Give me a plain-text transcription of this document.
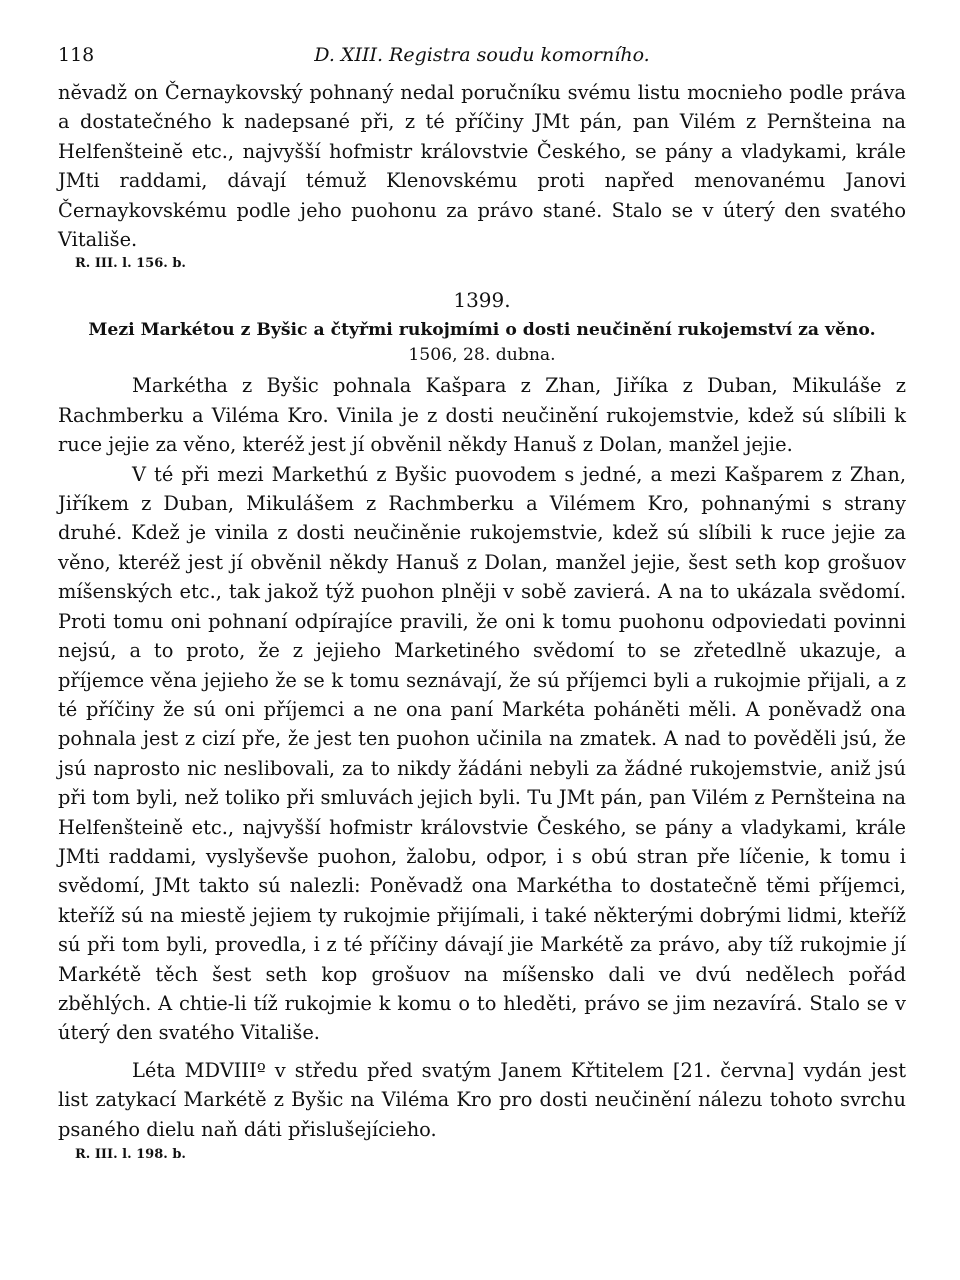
118	D. XIII. Registra soudu komorního.

nĕvadž on Černaykovský pohnaný nedal poručníku svému listu mocnieho podle práva a dostatečného k nadepsané při, z té příčiny JMt pán, pan Vilém z Pernšteina na Helfenšteinĕ etc., najvyšší hofmistr královstvie Českého, se pány a vladykami, krále JMti raddami, dávají témuž Klenovskému proti napřed menovanému Janovi Černaykovskému podle jeho puohonu za právo stané. Stalo se v úterý den svatého Vitališe.

R. III. l. 156. b.
1399.
Mezi Markétou z Byšic a čtyřmi rukojmími o dosti neučinění rukojemství za věno.
1506, 28. dubna.

Markétha z Byšic pohnala Kašpara z Zhan, Jiříka z Duban, Mikuláše z Rachmberku a Viléma Kro. Vinila je z dosti neučinění rukojemstvie, kdež sú slíbili k ruce jejie za věno, kteréž jest jí obvěnil někdy Hanuš z Dolan, manžel jejie.

V té při mezi Markethú z Byšic puovodem s jedné, a mezi Kašparem z Zhan, Jiříkem z Duban, Mikulášem z Rachmberku a Vilémem Kro, pohnanými s strany druhé. Kdež je vinila z dosti neučiněnie rukojemstvie, kdež sú slíbili k ruce jejie za věno, kteréž jest jí obvěnil někdy Hanuš z Dolan, manžel jejie, šest seth kop grošuov míšenských etc., tak jakož týž puohon plněji v sobě zavierá. A na to ukázala svědomí. Proti tomu oni pohnaní odpírajíce pravili, že oni k tomu puohonu odpoviedati povinni nejsú, a to proto, že z jejieho Marketiného svědomí to se zřetedlně ukazuje, a příjemce věna jejieho že se k tomu seznávají, že sú příjemci byli a rukojmie přijali, a z té příčiny že sú oni příjemci a ne ona paní Markéta poháněti měli. A poněvadž ona pohnala jest z cizí pře, že jest ten puohon učinila na zmatek. A nad to pověděli jsú, že jsú naprosto nic neslibovali, za to nikdy žádáni nebyli za žádné rukojemstvie, aniž jsú při tom byli, než toliko při smluvách jejich byli. Tu JMt pán, pan Vilém z Pernšteina na Helfenšteině etc., najvyšší hofmistr královstvie Českého, se pány a vladykami, krále JMti raddami, vyslyševše puohon, žalobu, odpor, i s obú stran pře líčenie, k tomu i svědomí, JMt takto sú nalezli: Poněvadž ona Markétha to dostatečně těmi příjemci, kteříž sú na miestě jejiem ty rukojmie přijímali, i také některými dobrými lidmi, kteříž sú při tom byli, provedla, i z té příčiny dávají jie Markétě za právo, aby tíž rukojmie jí Markétě těch šest seth kop grošuov na míšensko dali ve dvú nedělech pořád zběhlých. A chtie-li tíž rukojmie k komu o to hleděti, právo se jim nezavírá. Stalo se v úterý den svatého Vitališe.

Léta MDVIIIº v středu před svatým Janem Křtitelem [21. června] vydán jest list zatykací Markétě z Byšic na Viléma Kro pro dosti neučinění nálezu tohoto svrchu psaného dielu naň dáti přislušejícieho.

R. III. l. 198. b.
